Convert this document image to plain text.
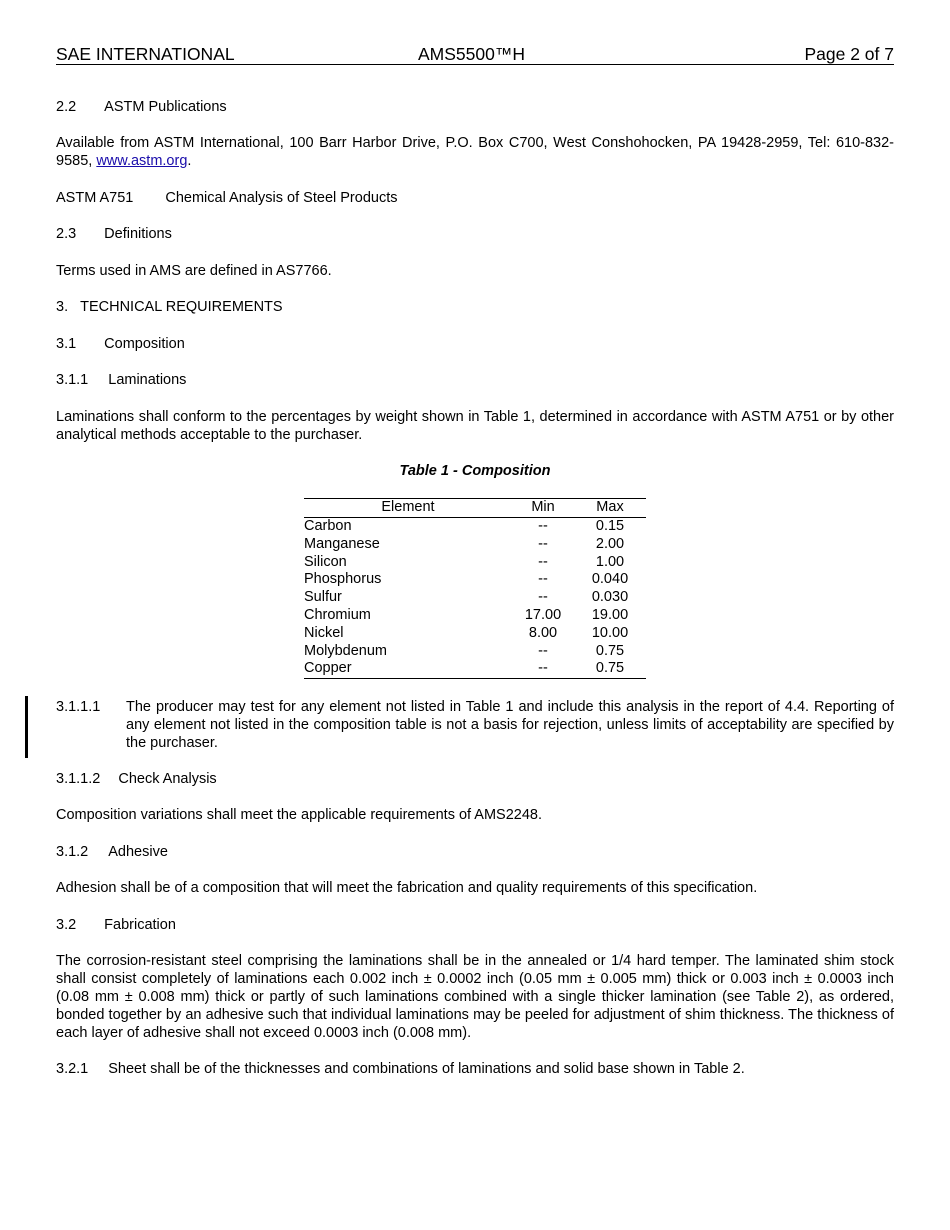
SAE INTERNATIONAL	AMS5500™H	Page 2 of 7
2.2 ASTM Publications
Available from ASTM International, 100 Barr Harbor Drive, P.O. Box C700, West Conshohocken, PA 19428-2959, Tel: 610-832-9585, www.astm.org.
ASTM A751 Chemical Analysis of Steel Products
2.3 Definitions
Terms used in AMS are defined in AS7766.
3. TECHNICAL REQUIREMENTS
3.1 Composition
3.1.1 Laminations
Laminations shall conform to the percentages by weight shown in Table 1, determined in accordance with ASTM A751 or by other analytical methods acceptable to the purchaser.
Table 1 - Composition
Element	Min	Max
Carbon	--	0.15
Manganese	--	2.00
Silicon	--	1.00
Phosphorus	--	0.040
Sulfur	--	0.030
Chromium	17.00	19.00
Nickel	8.00	10.00
Molybdenum	--	0.75
Copper	--	0.75
3.1.1.1 The producer may test for any element not listed in Table 1 and include this analysis in the report of 4.4. Reporting of any element not listed in the composition table is not a basis for rejection, unless limits of acceptability are specified by the purchaser.
3.1.1.2 Check Analysis
Composition variations shall meet the applicable requirements of AMS2248.
3.1.2 Adhesive
Adhesion shall be of a composition that will meet the fabrication and quality requirements of this specification.
3.2 Fabrication
The corrosion-resistant steel comprising the laminations shall be in the annealed or 1/4 hard temper. The laminated shim stock shall consist completely of laminations each 0.002 inch ± 0.0002 inch (0.05 mm ± 0.005 mm) thick or 0.003 inch ± 0.0003 inch (0.08 mm ± 0.008 mm) thick or partly of such laminations combined with a single thicker lamination (see Table 2), as ordered, bonded together by an adhesive such that individual laminations may be peeled for adjustment of shim thickness. The thickness of each layer of adhesive shall not exceed 0.0003 inch (0.008 mm).
3.2.1 Sheet shall be of the thicknesses and combinations of laminations and solid base shown in Table 2.
